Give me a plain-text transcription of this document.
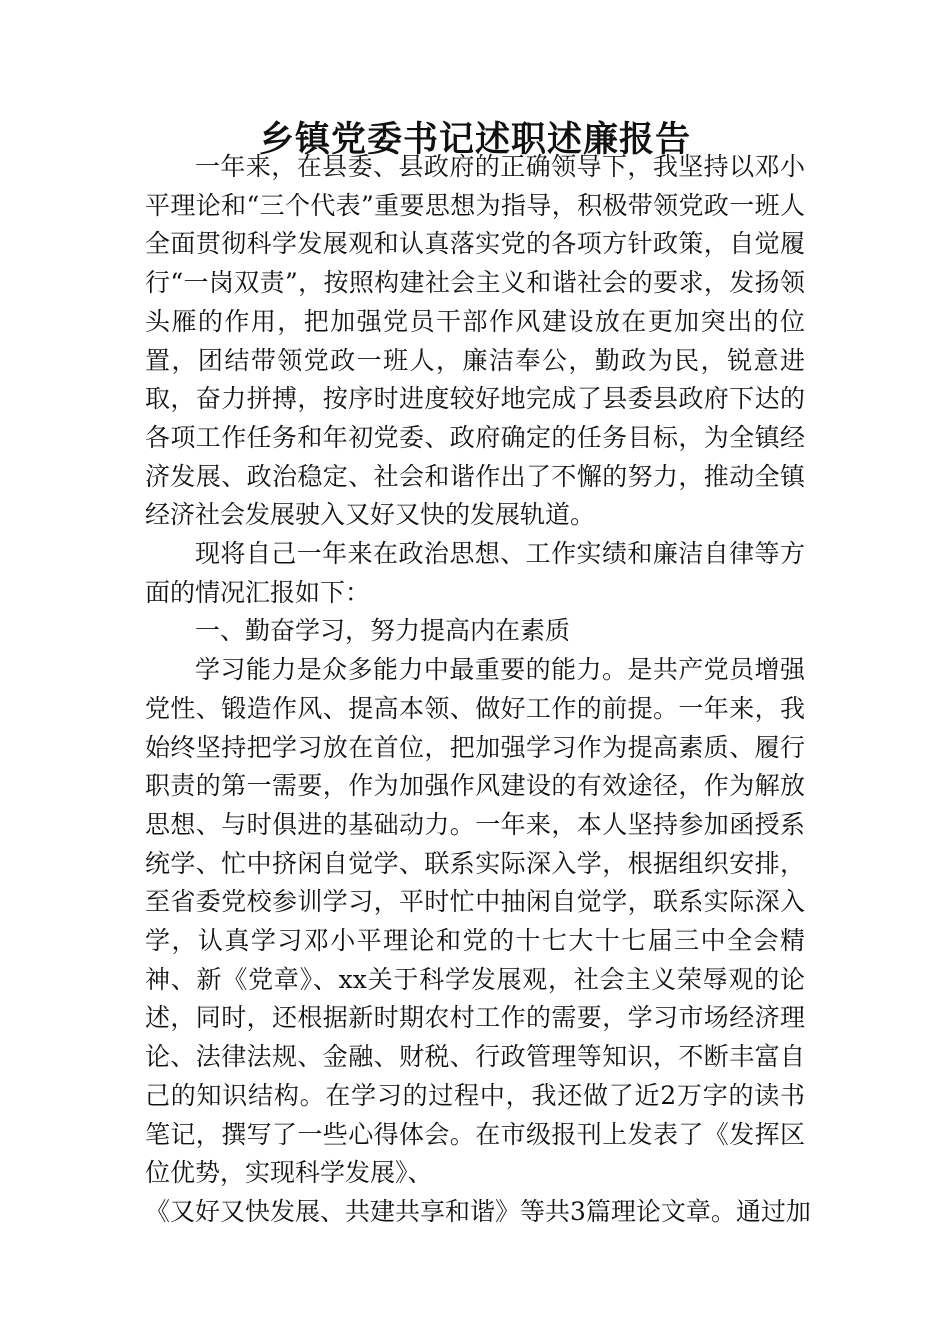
乡镇党委书记述职述廉报告

一年来，在县委、县政府的正确领导下，我坚持以邓小平理论和“三个代表”重要思想为指导，积极带领党政一班人全面贯彻科学发展观和认真落实党的各项方针政策，自觉履行“一岗双责”，按照构建社会主义和谐社会的要求，发扬领头雁的作用，把加强党员干部作风建设放在更加突出的位置，团结带领党政一班人，廉洁奉公，勤政为民，锐意进取，奋力拼搏，按序时进度较好地完成了县委县政府下达的各项工作任务和年初党委、政府确定的任务目标，为全镇经济发展、政治稳定、社会和谐作出了不懈的努力，推动全镇经济社会发展驶入又好又快的发展轨道。

现将自己一年来在政治思想、工作实绩和廉洁自律等方面的情况汇报如下：

一、勤奋学习，努力提高内在素质

学习能力是众多能力中最重要的能力。是共产党员增强党性、锻造作风、提高本领、做好工作的前提。一年来，我始终坚持把学习放在首位，把加强学习作为提高素质、履行职责的第一需要，作为加强作风建设的有效途径，作为解放思想、与时俱进的基础动力。一年来，本人坚持参加函授系统学、忙中挤闲自觉学、联系实际深入学，根据组织安排，至省委党校参训学习，平时忙中抽闲自觉学，联系实际深入学，认真学习邓小平理论和党的十七大十七届三中全会精神、新《党章》、xx关于科学发展观，社会主义荣辱观的论述，同时，还根据新时期农村工作的需要，学习市场经济理论、法律法规、金融、财税、行政管理等知识，不断丰富自己的知识结构。在学习的过程中，我还做了近2万字的读书笔记，撰写了一些心得体会。在市级报刊上发表了《发挥区位优势，实现科学发展》、

《又好又快发展、共建共享和谐》等共3篇理论文章。通过加
